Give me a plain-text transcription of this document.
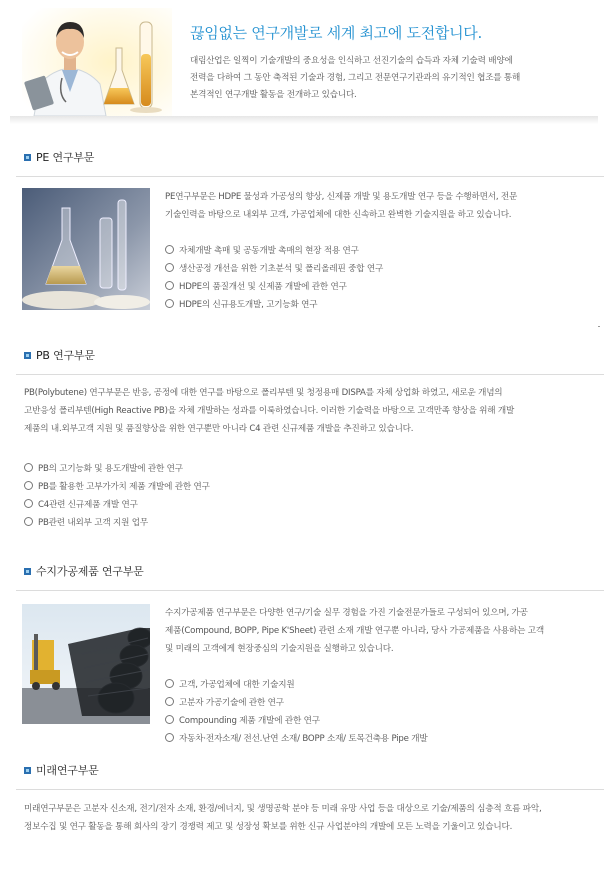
끊임없는 연구개발로 세계 최고에 도전합니다.
대림산업은 일찍이 기술개발의 중요성을 인식하고 선진기술의 습득과 자체 기술력 배양에
전력을 다하여 그 동안 축적된 기술과 경험, 그리고 전문연구기관과의 유기적인 협조를 통해
본격적인 연구개발 활동을 전개하고 있습니다.
PE 연구부문
PE연구부문은 HDPE 물성과 가공성의 향상, 신제품 개발 및 용도개발 연구 등을 수행하면서, 전문
기술인력을 바탕으로 내외부 고객, 가공업체에 대한 신속하고 완벽한 기술지원을 하고 있습니다.
자체개발 촉매 및 공동개발 촉매의 현장 적용 연구
생산공정 개선을 위한 기초분석 및 폴리올레핀 중합 연구
HDPE의 품질개선 및 신제품 개발에 관한 연구
HDPE의 신규용도개발, 고기능화 연구
PB 연구부문
PB(Polybutene) 연구부문은 반응, 공정에 대한 연구를 바탕으로 폴리부텐 및 청정용매 DISPA를 자체 상업화 하였고, 새로운 개념의
고반응성 폴리부텐(High Reactive PB)을 자체 개발하는 성과를 이룩하였습니다. 이러한 기술력을 바탕으로 고객만족 향상을 위해 개발
제품의 내.외부고객 지원 및 품질향상을 위한 연구뿐만 아니라 C4 관련 신규제품 개발을 추진하고 있습니다.
PB의 고기능화 및 용도개발에 관한 연구
PB를 활용한 고부가가치 제품 개발에 관한 연구
C4관련 신규제품 개발 연구
PB관련 내외부 고객 지원 업무
수지가공제품 연구부문
수지가공제품 연구부문은 다양한 연구/기술 실무 경험을 가진 기술전문가들로 구성되어 있으며, 가공
제품(Compound, BOPP, Pipe K'Sheet) 관련 소재 개발 연구뿐 아니라, 당사 가공제품을 사용하는 고객
및 미래의 고객에게 현장중심의 기술지원을 실행하고 있습니다.
고객, 가공업체에 대한 기술지원
고분자 가공기술에 관한 연구
Compounding 제품 개발에 관한 연구
자동차·전자소재/ 전선.난연 소재/ BOPP 소재/ 토목건축용 Pipe 개발
미래연구부문
미래연구부문은 고분자 신소재, 전기/전자 소재, 환경/에너지, 및 생명공학 분야 등 미래 유망 사업 등을 대상으로 기술/제품의 심층적 흐름 파악,
정보수집 및 연구 활동을 통해 회사의 장기 경쟁력 제고 및 성장성 확보를 위한 신규 사업분야의 개발에 모든 노력을 기울이고 있습니다.
